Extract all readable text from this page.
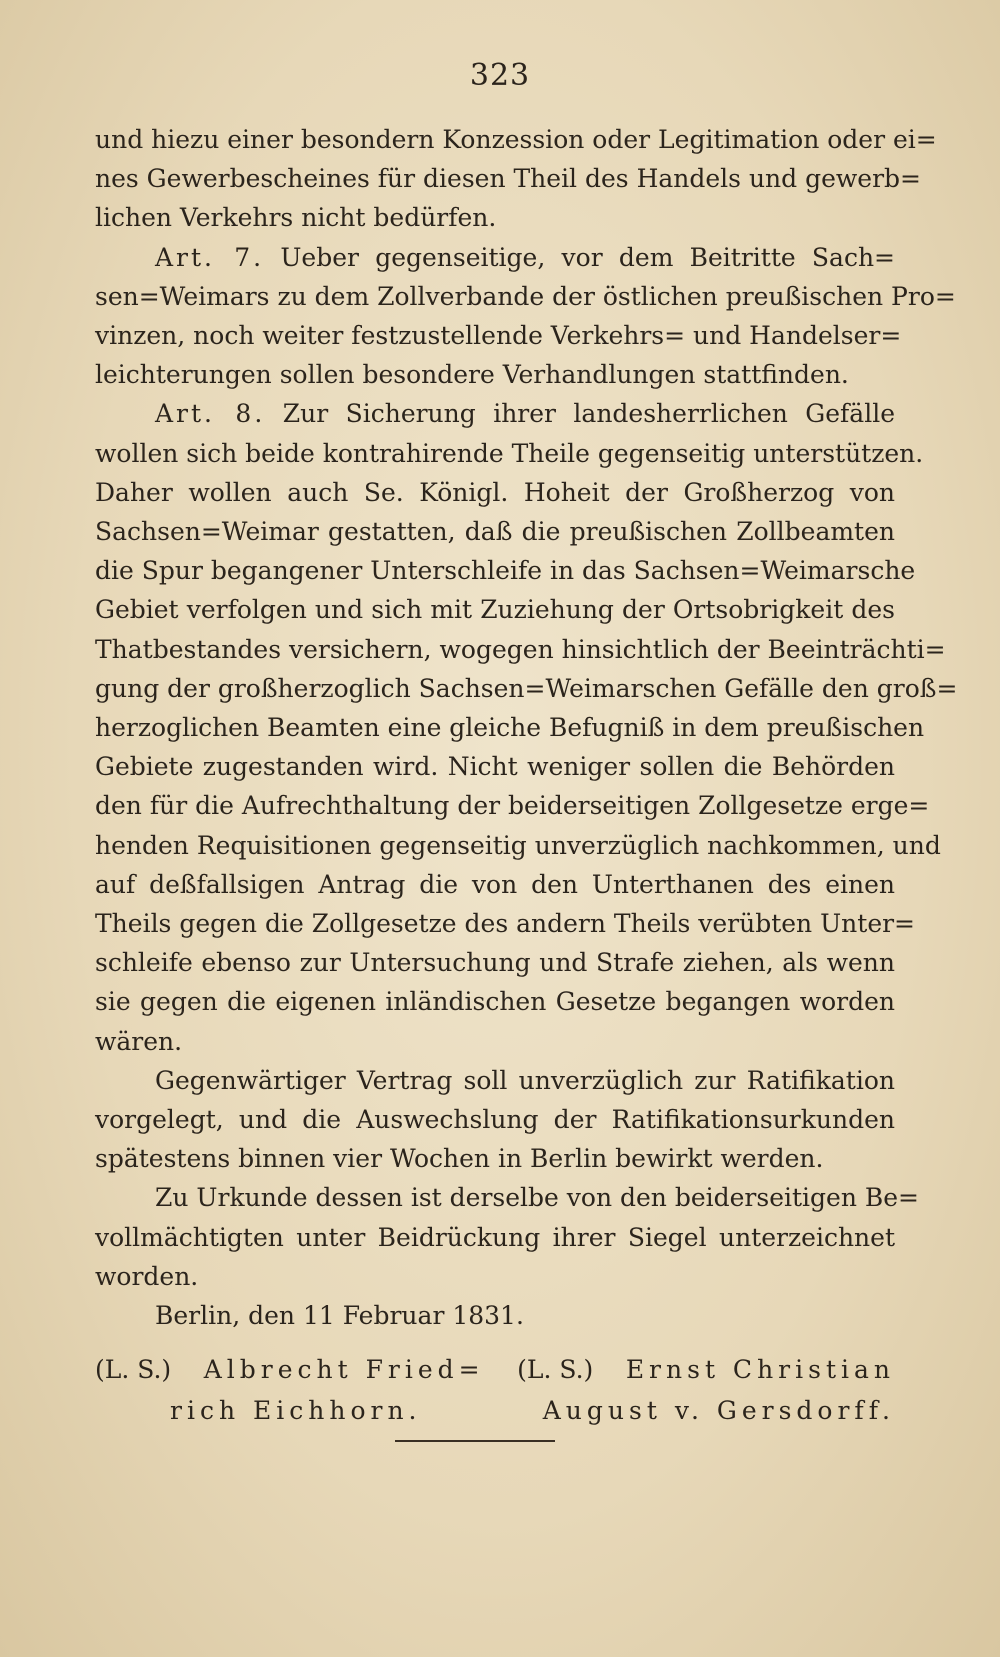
323
und hiezu einer besondern Konzession oder Legitimation oder ei=
nes Gewerbescheines für diesen Theil des Handels und gewerb=
lichen Verkehrs nicht bedürfen.
Art. 7. Ueber gegenseitige, vor dem Beitritte Sach=
sen=Weimars zu dem Zollverbande der östlichen preußischen Pro=
vinzen, noch weiter festzustellende Verkehrs= und Handelser=
leichterungen sollen besondere Verhandlungen stattfinden.
Art. 8. Zur Sicherung ihrer landesherrlichen Gefälle
wollen sich beide kontrahirende Theile gegenseitig unterstützen.
Daher wollen auch Se. Königl. Hoheit der Großherzog von
Sachsen=Weimar gestatten, daß die preußischen Zollbeamten
die Spur begangener Unterschleife in das Sachsen=Weimarsche
Gebiet verfolgen und sich mit Zuziehung der Ortsobrigkeit des
Thatbestandes versichern, wogegen hinsichtlich der Beeinträchti=
gung der großherzoglich Sachsen=Weimarschen Gefälle den groß=
herzoglichen Beamten eine gleiche Befugniß in dem preußischen
Gebiete zugestanden wird. Nicht weniger sollen die Behörden
den für die Aufrechthaltung der beiderseitigen Zollgesetze erge=
henden Requisitionen gegenseitig unverzüglich nachkommen, und
auf deßfallsigen Antrag die von den Unterthanen des einen
Theils gegen die Zollgesetze des andern Theils verübten Unter=
schleife ebenso zur Untersuchung und Strafe ziehen, als wenn
sie gegen die eigenen inländischen Gesetze begangen worden
wären.
Gegenwärtiger Vertrag soll unverzüglich zur Ratifikation
vorgelegt, und die Auswechslung der Ratifikationsurkunden
spätestens binnen vier Wochen in Berlin bewirkt werden.
Zu Urkunde dessen ist derselbe von den beiderseitigen Be=
vollmächtigten unter Beidrückung ihrer Siegel unterzeichnet
worden.
Berlin, den 11 Februar 1831.
(L. S.) Albrecht Fried= (L. S.) Ernst Christian
rich Eichhorn.	August v. Gersdorff.
